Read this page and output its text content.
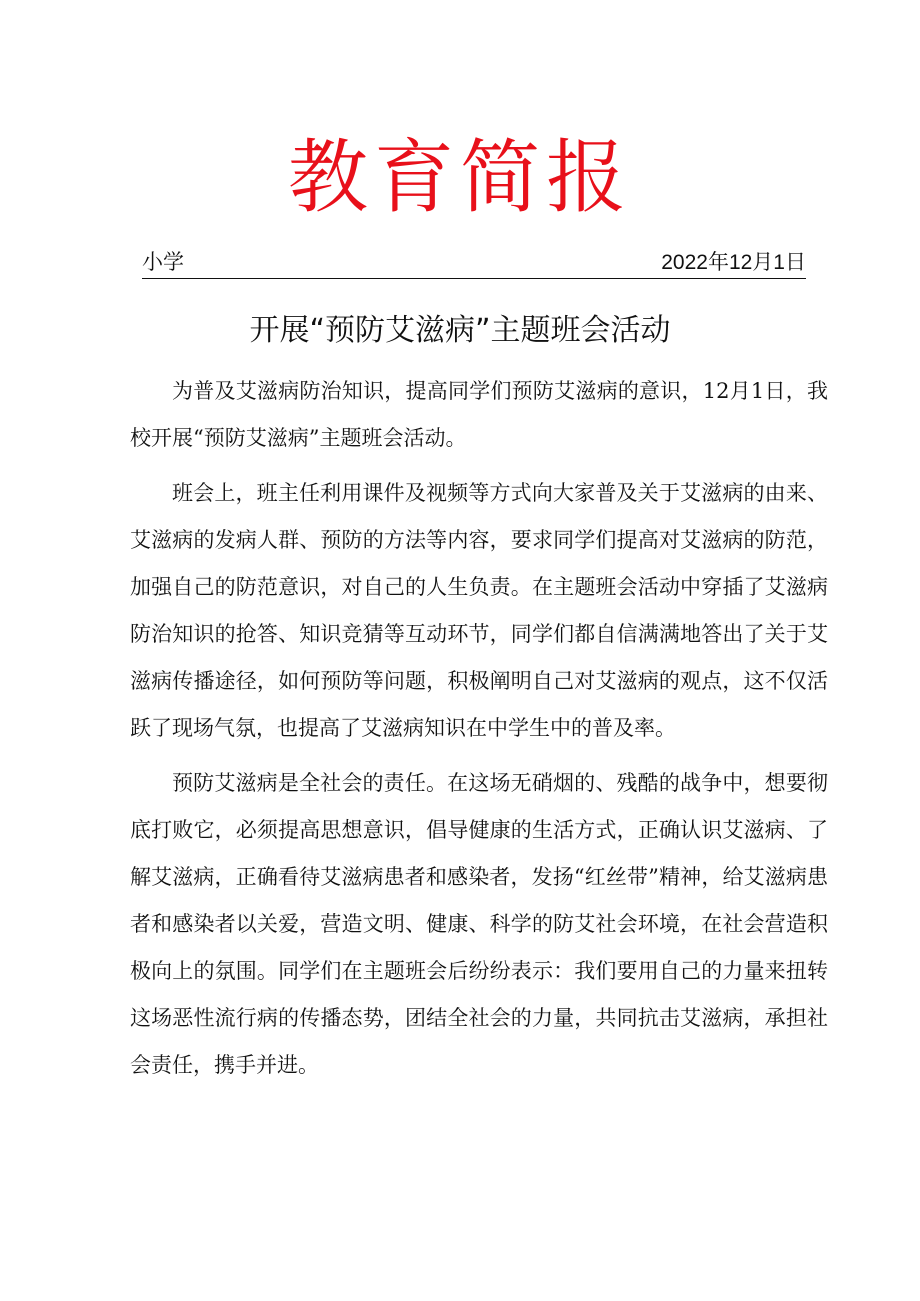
教育简报
小学	2022年12月1日
开展“预防艾滋病”主题班会活动

为普及艾滋病防治知识，提高同学们预防艾滋病的意识，12月1日，我校开展“预防艾滋病”主题班会活动。

班会上，班主任利用课件及视频等方式向大家普及关于艾滋病的由来、艾滋病的发病人群、预防的方法等内容，要求同学们提高对艾滋病的防范，加强自己的防范意识，对自己的人生负责。在主题班会活动中穿插了艾滋病防治知识的抢答、知识竞猜等互动环节，同学们都自信满满地答出了关于艾滋病传播途径，如何预防等问题，积极阐明自己对艾滋病的观点，这不仅活跃了现场气氛，也提高了艾滋病知识在中学生中的普及率。

预防艾滋病是全社会的责任。在这场无硝烟的、残酷的战争中，想要彻底打败它，必须提高思想意识，倡导健康的生活方式，正确认识艾滋病、了解艾滋病，正确看待艾滋病患者和感染者，发扬“红丝带”精神，给艾滋病患者和感染者以关爱，营造文明、健康、科学的防艾社会环境，在社会营造积极向上的氛围。同学们在主题班会后纷纷表示：我们要用自己的力量来扭转这场恶性流行病的传播态势，团结全社会的力量，共同抗击艾滋病，承担社会责任，携手并进。
